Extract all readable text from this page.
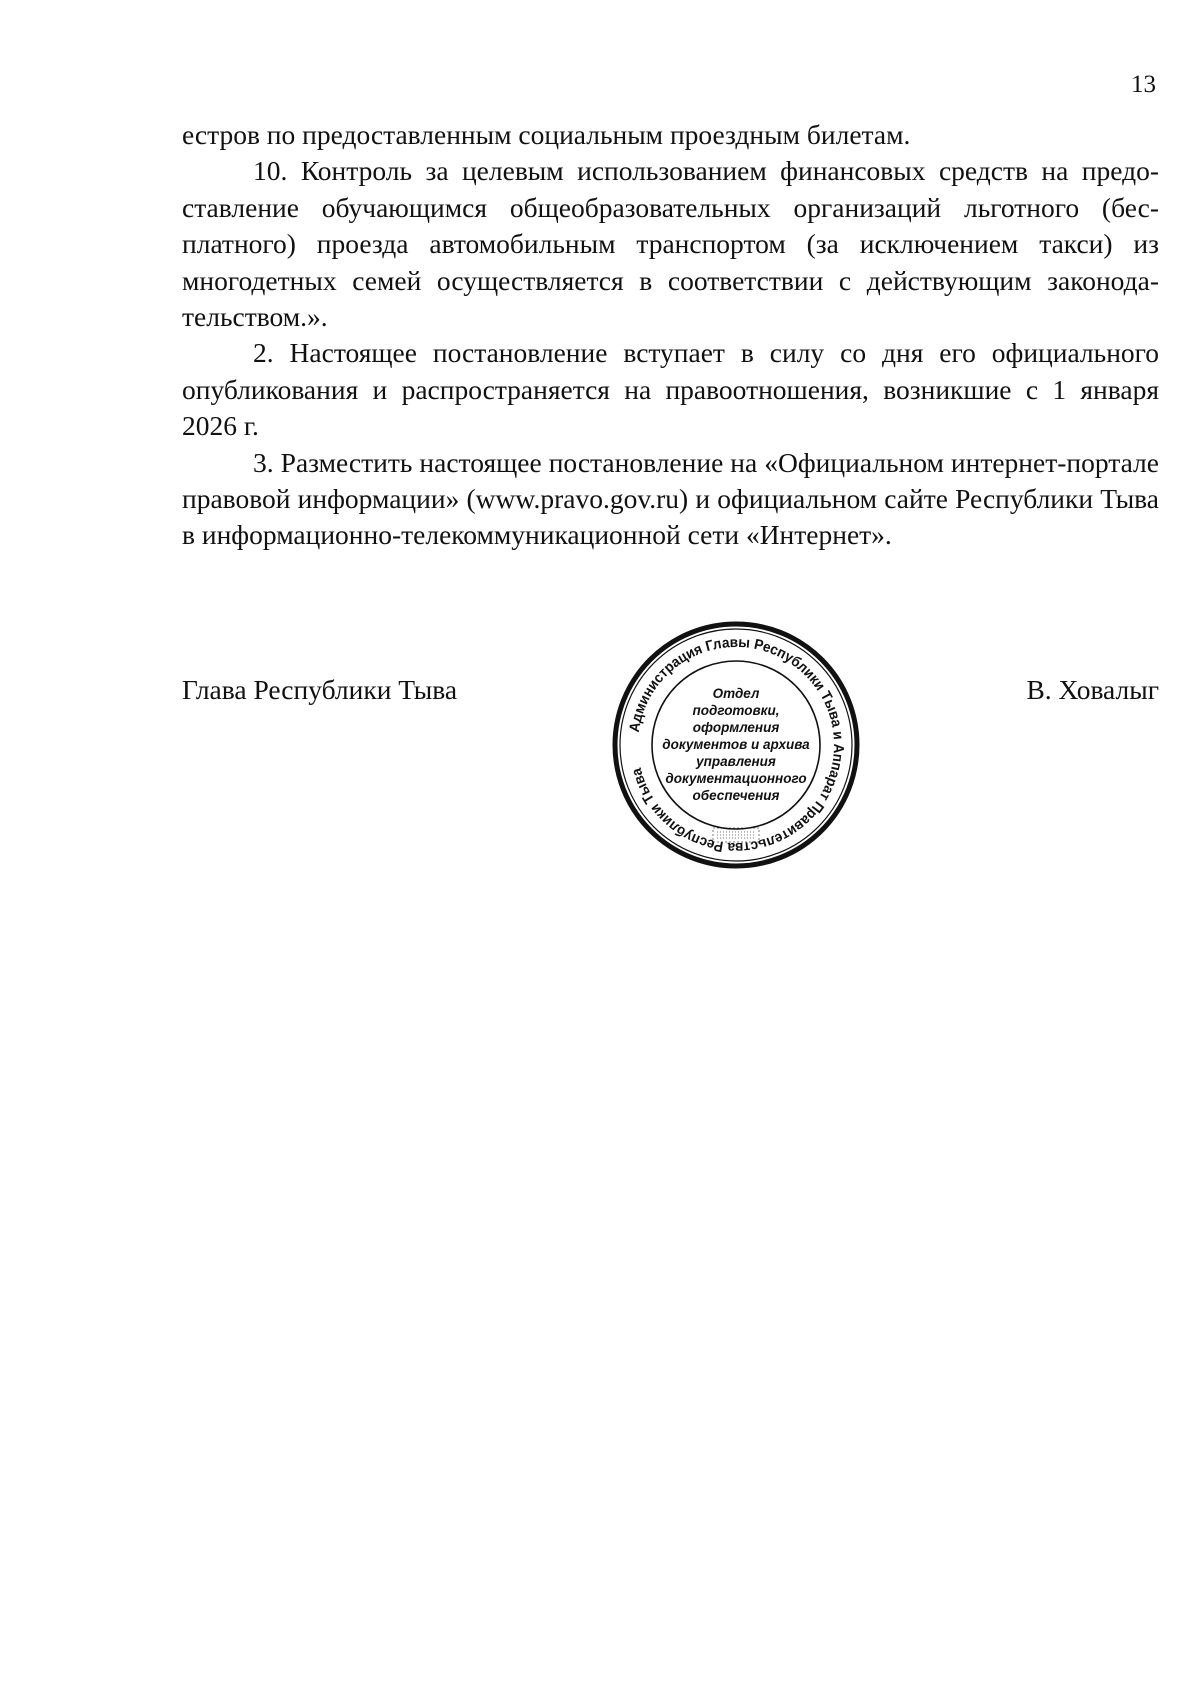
13

естров по предоставленным социальным проездным билетам.

10. Контроль за целевым использованием финансовых средств на предоставление обучающимся общеобразовательных организаций льготного (бесплатного) проезда автомобильным транспортом (за исключением такси) из многодетных семей осуществляется в соответствии с действующим законодательством.».

2. Настоящее постановление вступает в силу со дня его официального опубликования и распространяется на правоотношения, возникшие с 1 января 2026 г.

3. Разместить настоящее постановление на «Официальном интернет-портале правовой информации» (www.pravo.gov.ru) и официальном сайте Республики Тыва в информационно-телекоммуникационной сети «Интернет».

Глава Республики Тыва	В. Ховалыг
Администрация Главы Республики Тыва и Аппарат Правительства Республики Тыва
Отдел
подготовки,
оформления
документов и архива
управления
документационного
обеспечения
